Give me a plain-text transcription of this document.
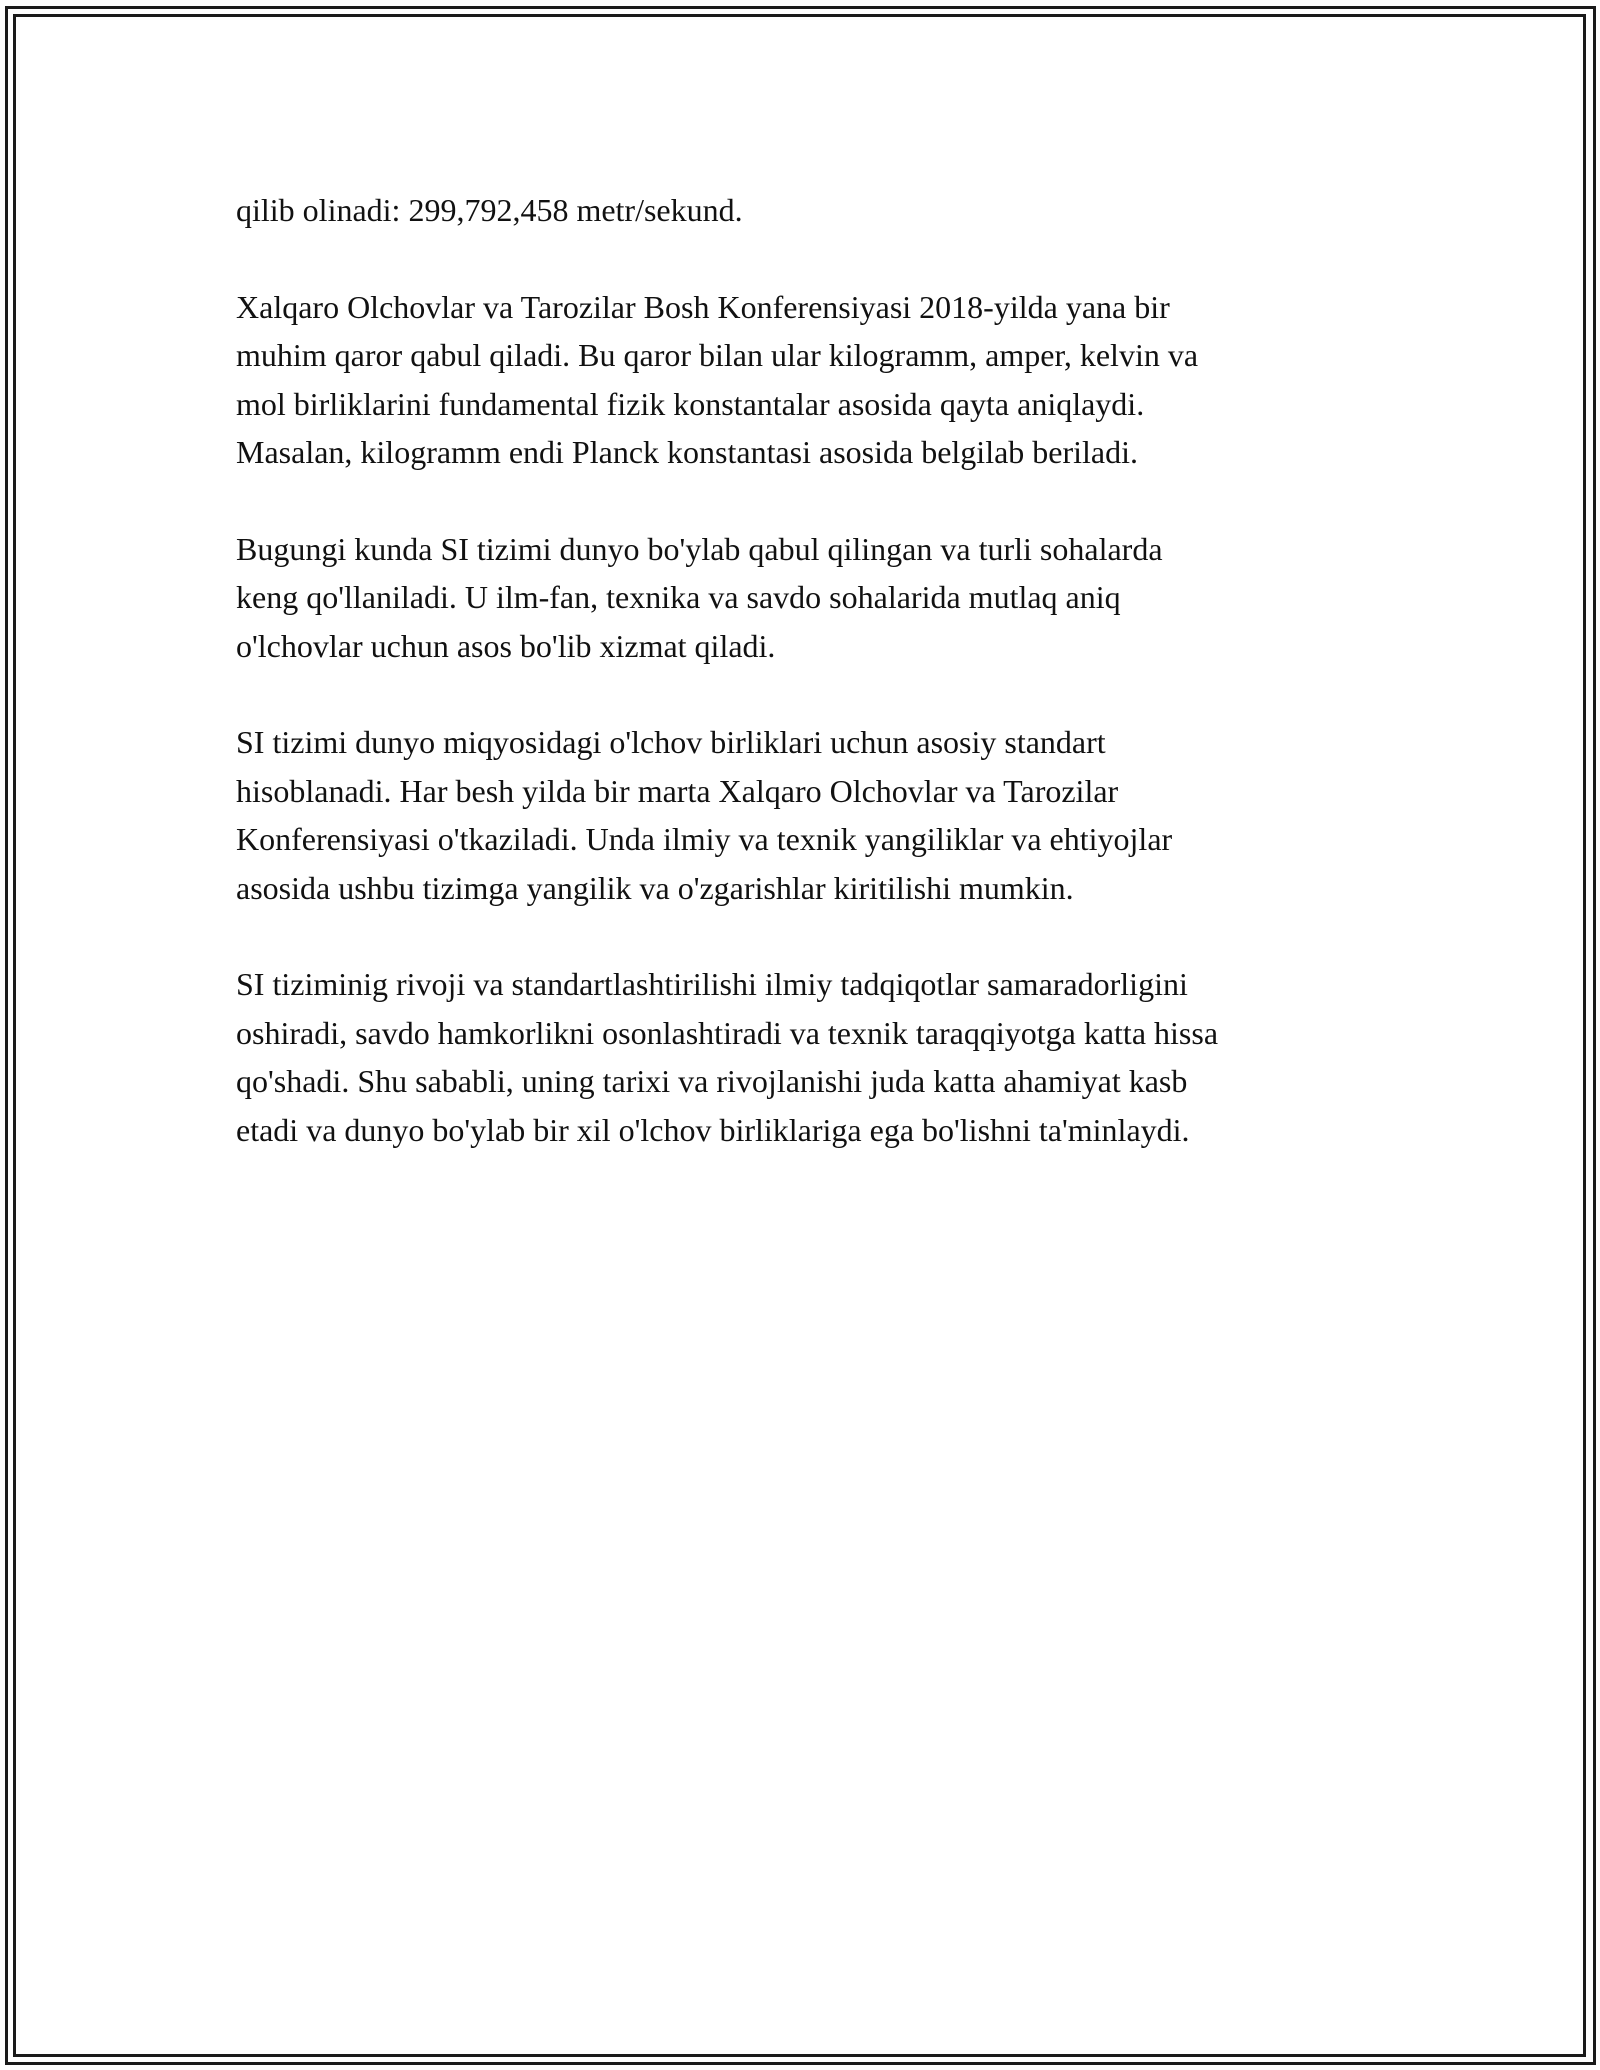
qilib olinadi: 299,792,458 metr/sekund.

Xalqaro Olchovlar va Tarozilar Bosh Konferensiyasi 2018-yilda yana bir
muhim qaror qabul qiladi. Bu qaror bilan ular kilogramm, amper, kelvin va
mol birliklarini fundamental fizik konstantalar asosida qayta aniqlaydi.
Masalan, kilogramm endi Planck konstantasi asosida belgilab beriladi.

Bugungi kunda SI tizimi dunyo bo'ylab qabul qilingan va turli sohalarda
keng qo'llaniladi. U ilm-fan, texnika va savdo sohalarida mutlaq aniq
o'lchovlar uchun asos bo'lib xizmat qiladi.

SI tizimi dunyo miqyosidagi o'lchov birliklari uchun asosiy standart
hisoblanadi. Har besh yilda bir marta Xalqaro Olchovlar va Tarozilar
Konferensiyasi o'tkaziladi. Unda ilmiy va texnik yangiliklar va ehtiyojlar
asosida ushbu tizimga yangilik va o'zgarishlar kiritilishi mumkin.

SI tiziminig rivoji va standartlashtirilishi ilmiy tadqiqotlar samaradorligini
oshiradi, savdo hamkorlikni osonlashtiradi va texnik taraqqiyotga katta hissa
qo'shadi. Shu sababli, uning tarixi va rivojlanishi juda katta ahamiyat kasb
etadi va dunyo bo'ylab bir xil o'lchov birliklariga ega bo'lishni ta'minlaydi.
